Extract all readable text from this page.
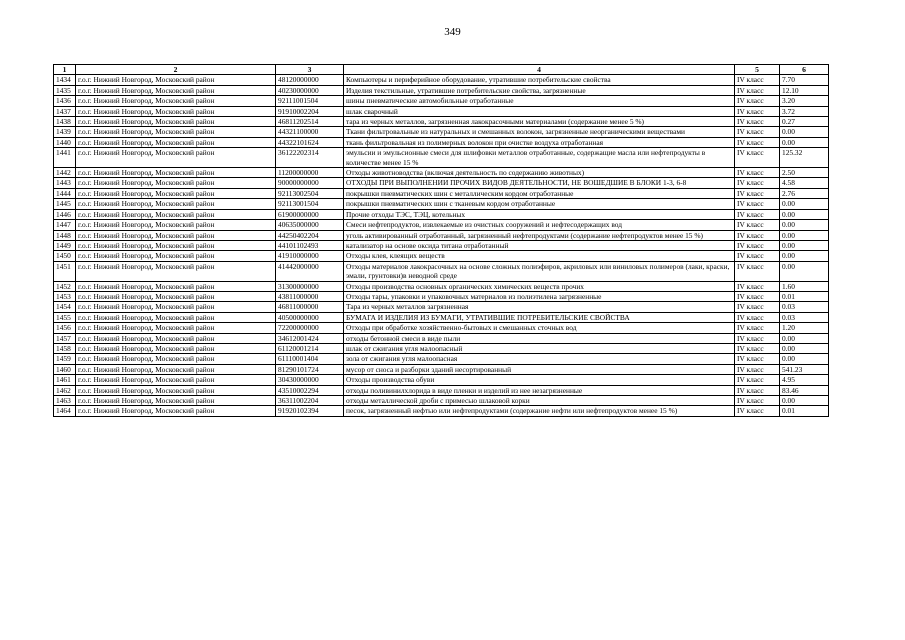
349
1	2	3	4	5	6
1434	г.о.г. Нижний Новгород, Московский район	48120000000	Компьютеры и периферийное оборудование, утратившие потребительские свойства	IV класс	7.70
1435	г.о.г. Нижний Новгород, Московский район	40230000000	Изделия текстильные, утратившие потребительские свойства, загрязненные	IV класс	12.10
1436	г.о.г. Нижний Новгород, Московский район	92111001504	шины пневматические автомобильные отработанные	IV класс	3.20
1437	г.о.г. Нижний Новгород, Московский район	91910002204	шлак сварочный	IV класс	3.72
1438	г.о.г. Нижний Новгород, Московский район	46811202514	тара из черных металлов, загрязненная лакокрасочными материалами (содержание менее 5 %)	IV класс	0.27
1439	г.о.г. Нижний Новгород, Московский район	44321100000	Ткани фильтровальные из натуральных и смешанных волокон, загрязненные неорганическими веществами	IV класс	0.00
1440	г.о.г. Нижний Новгород, Московский район	44322101624	ткань фильтровальная из полимерных волокон при очистке воздуха отработанная	IV класс	0.00
1441	г.о.г. Нижний Новгород, Московский район	36122202314	эмульсии и эмульсионные смеси для шлифовки металлов отработанные, содержащие масла или нефтепродукты в количестве менее 15 %	IV класс	125.32
1442	г.о.г. Нижний Новгород, Московский район	11200000000	Отходы животноводства (включая деятельность по содержанию животных)	IV класс	2.50
1443	г.о.г. Нижний Новгород, Московский район	90000000000	ОТХОДЫ ПРИ ВЫПОЛНЕНИИ ПРОЧИХ ВИДОВ ДЕЯТЕЛЬНОСТИ, НЕ ВОШЕДШИЕ В БЛОКИ 1-3, 6-8	IV класс	4.58
1444	г.о.г. Нижний Новгород, Московский район	92113002504	покрышки пневматических шин с металлическим кордом отработанные	IV класс	2.76
1445	г.о.г. Нижний Новгород, Московский район	92113001504	покрышки пневматических шин с тканевым кордом отработанные	IV класс	0.00
1446	г.о.г. Нижний Новгород, Московский район	61900000000	Прочие отходы ТЭС, ТЭЦ, котельных	IV класс	0.00
1447	г.о.г. Нижний Новгород, Московский район	40635000000	Смеси нефтепродуктов, извлекаемые из очистных сооружений и нефтесодержащих вод	IV класс	0.00
1448	г.о.г. Нижний Новгород, Московский район	44250402204	уголь активированный отработанный, загрязненный нефтепродуктами (содержание нефтепродуктов менее 15 %)	IV класс	0.00
1449	г.о.г. Нижний Новгород, Московский район	44101102493	катализатор на основе оксида титана отработанный	IV класс	0.00
1450	г.о.г. Нижний Новгород, Московский район	41910000000	Отходы клея, клеящих веществ	IV класс	0.00
1451	г.о.г. Нижний Новгород, Московский район	41442000000	Отходы материалов лакокрасочных на основе сложных полиэфиров, акриловых или виниловых полимеров (лаки, краски, эмали, грунтовки)в неводной среде	IV класс	0.00
1452	г.о.г. Нижний Новгород, Московский район	31300000000	Отходы производства основных органических химических веществ прочих	IV класс	1.60
1453	г.о.г. Нижний Новгород, Московский район	43811000000	Отходы тары, упаковки и упаковочных материалов из полиэтилена загрязненные	IV класс	0.01
1454	г.о.г. Нижний Новгород, Московский район	46811000000	Тара из черных металлов загрязненная	IV класс	0.03
1455	г.о.г. Нижний Новгород, Московский район	40500000000	БУМАГА И ИЗДЕЛИЯ ИЗ БУМАГИ, УТРАТИВШИЕ ПОТРЕБИТЕЛЬСКИЕ СВОЙСТВА	IV класс	0.03
1456	г.о.г. Нижний Новгород, Московский район	72200000000	Отходы при обработке хозяйственно-бытовых и смешанных сточных вод	IV класс	1.20
1457	г.о.г. Нижний Новгород, Московский район	34612001424	отходы бетонной смеси в виде пыли	IV класс	0.00
1458	г.о.г. Нижний Новгород, Московский район	61120001214	шлак от сжигания угля малоопасный	IV класс	0.00
1459	г.о.г. Нижний Новгород, Московский район	61110001404	зола от сжигания угля малоопасная	IV класс	0.00
1460	г.о.г. Нижний Новгород, Московский район	81290101724	мусор от сноса и разборки зданий несортированный	IV класс	541.23
1461	г.о.г. Нижний Новгород, Московский район	30430000000	Отходы производства обуви	IV класс	4.95
1462	г.о.г. Нижний Новгород, Московский район	43510002294	отходы поливинилхлорида в виде пленки и изделий из нее незагрязненные	IV класс	83.46
1463	г.о.г. Нижний Новгород, Московский район	36311002204	отходы металлической дроби с примесью шлаковой корки	IV класс	0.00
1464	г.о.г. Нижний Новгород, Московский район	91920102394	песок, загрязненный нефтью или нефтепродуктами (содержание нефти или нефтепродуктов менее 15 %)	IV класс	0.01
